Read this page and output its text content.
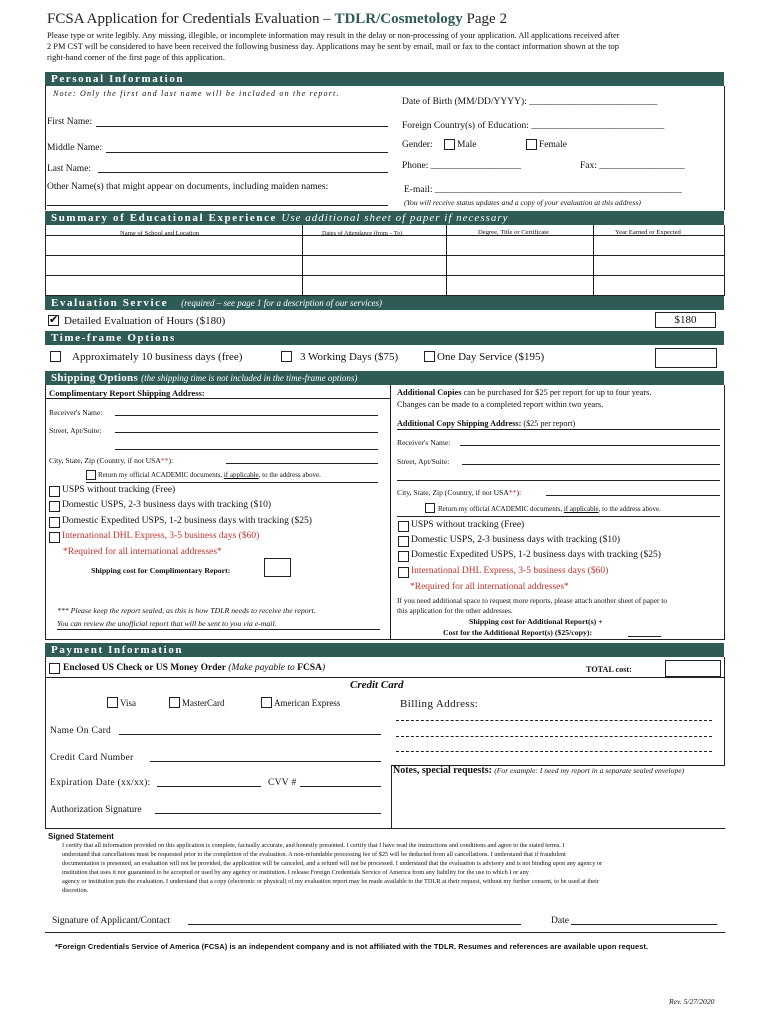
FCSA Application for Credentials Evaluation – TDLR/Cosmetology Page 2
Please type or write legibly. Any missing, illegible, or incomplete information may result in the delay or non-processing of your application. All applications received after
2 PM CST will be considered to have been received the following business day. Applications may be sent by email, mail or fax to the contact information shown at the top
right-hand corner of the first page of this application.
Personal Information
Note: Only the first and last name will be included on the report.
Date of Birth (MM/DD/YYYY): ___________________________
First Name:	Foreign Country(s) of Education: ____________________________
Middle Name:	Gender:	Male	Female
Last Name:	Phone: ___________________	Fax: __________________
Other Name(s) that might appear on documents, including maiden names:	E-mail: ____________________________________________________
(You will receive status updates and a copy of your evaluation at this address)
Summary of Educational Experience Use additional sheet of paper if necessary
Name of School and Location	Dates of Attendance (from – To)	Degree, Title or Certificate	Year Earned or Expected
Evaluation Service (required – see page 1 for a description of our services)
✔
Detailed Evaluation of Hours ($180)	$180
Time-frame Options
Approximately 10 business days (free)	3 Working Days ($75)	One Day Service ($195)
Shipping Options (the shipping time is not included in the time-frame options)
Complimentary Report Shipping Address:
Receiver's Name:
Street, Apt/Suite:
City, State, Zip (Country, if not USA**):
Return my official ACADEMIC documents, if applicable, to the address above.
USPS without tracking (Free)
Domestic USPS, 2-3 business days with tracking ($10)
Domestic Expedited USPS, 1-2 business days with tracking ($25)
International DHL Express, 3-5 business days ($60)
*Required for all international addresses*
Shipping cost for Complimentary Report:
*** Please keep the report sealed, as this is how TDLR needs to receive the report.
You can review the unofficial report that will be sent to you via e-mail.
Additional Copies can be purchased for $25 per report for up to four years.
Changes can be made to a completed report within two years.
Additional Copy Shipping Address: ($25 per report)
Receiver's Name:
Street, Apt/Suite:
City, State, Zip (Country, if not USA**):
Return my official ACADEMIC documents, if applicable, to the address above.
USPS without tracking (Free)
Domestic USPS, 2-3 business days with tracking ($10)
Domestic Expedited USPS, 1-2 business days with tracking ($25)
International DHL Express, 3-5 business days ($60)
*Required for all international addresses*
If you need additional space to request more reports, please attach another sheet of paper to
this application for the other addresses.
Shipping cost for Additional Report(s) +
Cost for the Additional Report(s) ($25/copy):
Payment Information
Enclosed US Check or US Money Order (Make payable to FCSA)	TOTAL cost:
Credit Card
Visa	MasterCard	American Express	Billing Address:
Name On Card
Credit Card Number
Notes, special requests: (For example: I need my report in a separate sealed envelope)
Expiration Date (xx/xx):	CVV #
Authorization Signature
Signed Statement
I certify that all information provided on this application is complete, factually accurate, and honestly presented. I certify that I have read the instructions and conditions and agree to the stated terms. I
understand that cancellations must be requested prior to the completion of the evaluation. A non-refundable processing fee of $25 will be deducted from all cancellations. I understand that if fraudulent
documentation is presented, an evaluation will not be provided, the application will be canceled, and a refund will not be processed. I understand that the evaluation is advisory and is not binding upon any agency or
institution that uses it nor guaranteed to be accepted or used by any agency or institution. I release Foreign Credentials Service of America from any liability for the use to which I or any
agency or institution puts the evaluation. I understand that a copy (electronic or physical) of my evaluation report may be made available to the TDLR at their request, without my further consent, to be used at their
discretion.
Signature of Applicant/Contact	Date
*Foreign Credentials Service of America (FCSA) is an independent company and is not affiliated with the TDLR. Resumes and references are available upon request.
Rev. 5/27/2020
